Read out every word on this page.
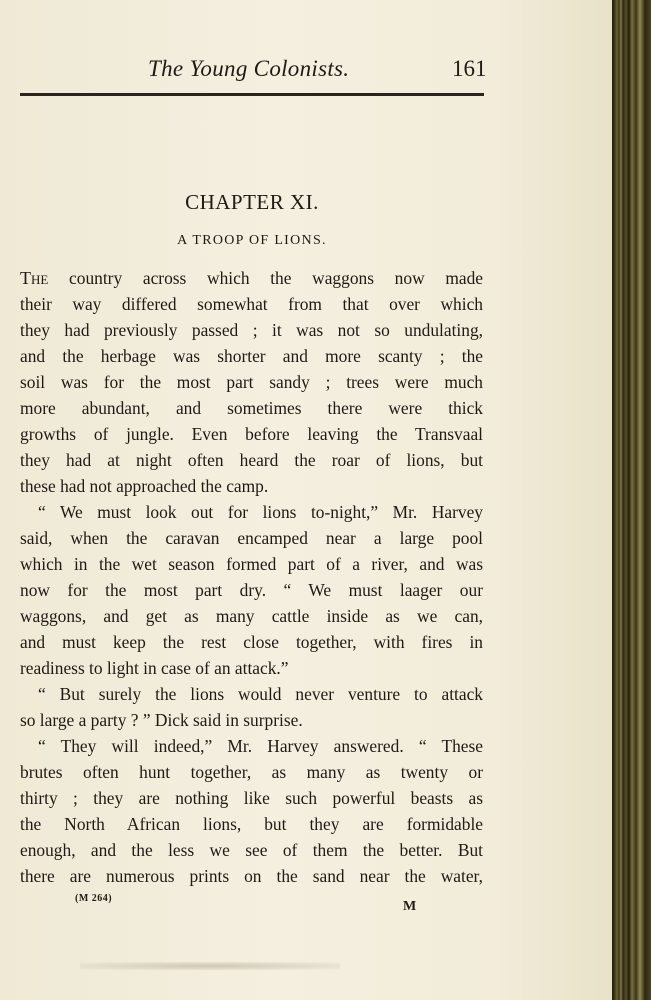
The Young Colonists.	161
CHAPTER XI.
A TROOP OF LIONS.
The country across which the waggons now made
their way differed somewhat from that over which
they had previously passed ; it was not so undulating,
and the herbage was shorter and more scanty ; the
soil was for the most part sandy ; trees were much
more abundant, and sometimes there were thick
growths of jungle. Even before leaving the Transvaal
they had at night often heard the roar of lions, but
these had not approached the camp.
“ We must look out for lions to-night,” Mr. Harvey
said, when the caravan encamped near a large pool
which in the wet season formed part of a river, and was
now for the most part dry. “ We must laager our
waggons, and get as many cattle inside as we can,
and must keep the rest close together, with fires in
readiness to light in case of an attack.”
“ But surely the lions would never venture to attack
so large a party ? ” Dick said in surprise.
“ They will indeed,” Mr. Harvey answered. “ These
brutes often hunt together, as many as twenty or
thirty ; they are nothing like such powerful beasts as
the North African lions, but they are formidable
enough, and the less we see of them the better. But
there are numerous prints on the sand near the water,
(M 264)
M
